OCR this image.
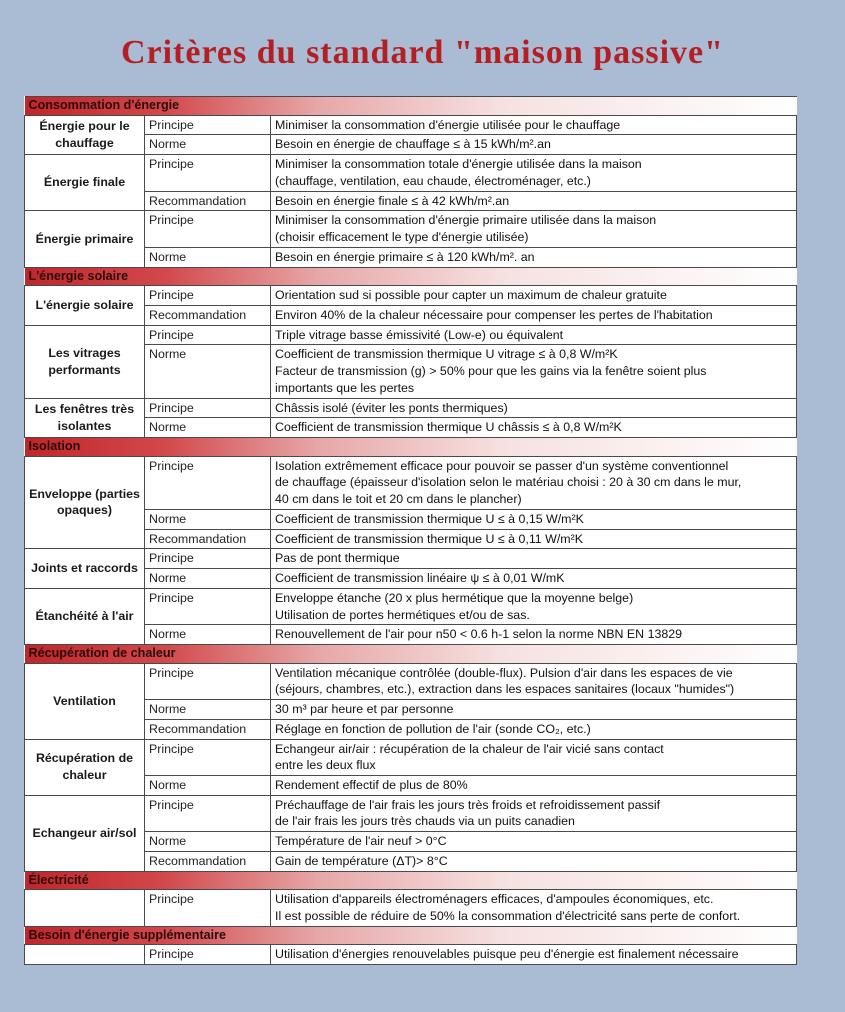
Critères du standard "maison passive"
Consommation d'énergie		
Énergie pour le chauffage	Principe	Minimiser la consommation d'énergie utilisée pour le chauffage

	Norme	Besoin en énergie de chauffage ≤ à 15 kWh/m².an

Énergie finale	Principe	Minimiser la consommation totale d'énergie utilisée dans la maison
(chauffage, ventilation, eau chaude, électroménager, etc.)

	Recommandation	Besoin en énergie finale ≤ à 42 kWh/m².an

Énergie primaire	Principe	Minimiser la consommation d'énergie primaire utilisée dans la maison
(choisir efficacement le type d'énergie utilisée)

	Norme	Besoin en énergie primaire ≤ à 120 kWh/m². an

L'énergie solaire		
L'énergie solaire	Principe	Orientation sud si possible pour capter un maximum de chaleur gratuite

	Recommandation	Environ 40% de la chaleur nécessaire pour compenser les pertes de l'habitation

Les vitrages performants	Principe	Triple vitrage basse émissivité (Low-e) ou équivalent

	Norme	Coefficient de transmission thermique U vitrage ≤ à 0,8 W/m²K
Facteur de transmission (g) > 50% pour que les gains via la fenêtre soient plus
importants que les pertes

Les fenêtres très isolantes	Principe	Châssis isolé (éviter les ponts thermiques)

	Norme	Coefficient de transmission thermique U châssis ≤ à 0,8 W/m²K

Isolation		
Enveloppe (parties opaques)	Principe	Isolation extrêmement efficace pour pouvoir se passer d'un système conventionnel
de chauffage (épaisseur d'isolation selon le matériau choisi : 20 à 30 cm dans le mur,
40 cm dans le toit et 20 cm dans le plancher)

	Norme	Coefficient de transmission thermique U ≤ à 0,15 W/m²K

	Recommandation	Coefficient de transmission thermique U ≤ à 0,11 W/m²K

Joints et raccords	Principe	Pas de pont thermique

	Norme	Coefficient de transmission linéaire ψ ≤ à 0,01 W/mK

Étanchéité à l'air	Principe	Enveloppe étanche (20 x plus hermétique que la moyenne belge)
Utilisation de portes hermétiques et/ou de sas.

	Norme	Renouvellement de l'air pour n50 < 0.6 h-1 selon la norme NBN EN 13829

Récupération de chaleur		
Ventilation	Principe	Ventilation mécanique contrôlée (double-flux). Pulsion d'air dans les espaces de vie
(séjours, chambres, etc.), extraction dans les espaces sanitaires (locaux "humides")

	Norme	30 m³ par heure et par personne

	Recommandation	Réglage en fonction de pollution de l'air (sonde CO₂, etc.)

Récupération de chaleur	Principe	Echangeur air/air : récupération de la chaleur de l'air vicié sans contact
entre les deux flux

	Norme	Rendement effectif de plus de 80%

Echangeur air/sol	Principe	Préchauffage de l'air frais les jours très froids et refroidissement passif
de l'air frais les jours très chauds via un puits canadien

	Norme	Température de l'air neuf > 0°C

	Recommandation	Gain de température (ΔT)> 8°C

Électricité		
	Principe	Utilisation d'appareils électroménagers efficaces, d'ampoules économiques, etc.
Il est possible de réduire de 50% la consommation d'électricité sans perte de confort.

Besoin d'énergie supplémentaire		
	Principe	Utilisation d'énergies renouvelables puisque peu d'énergie est finalement nécessaire
